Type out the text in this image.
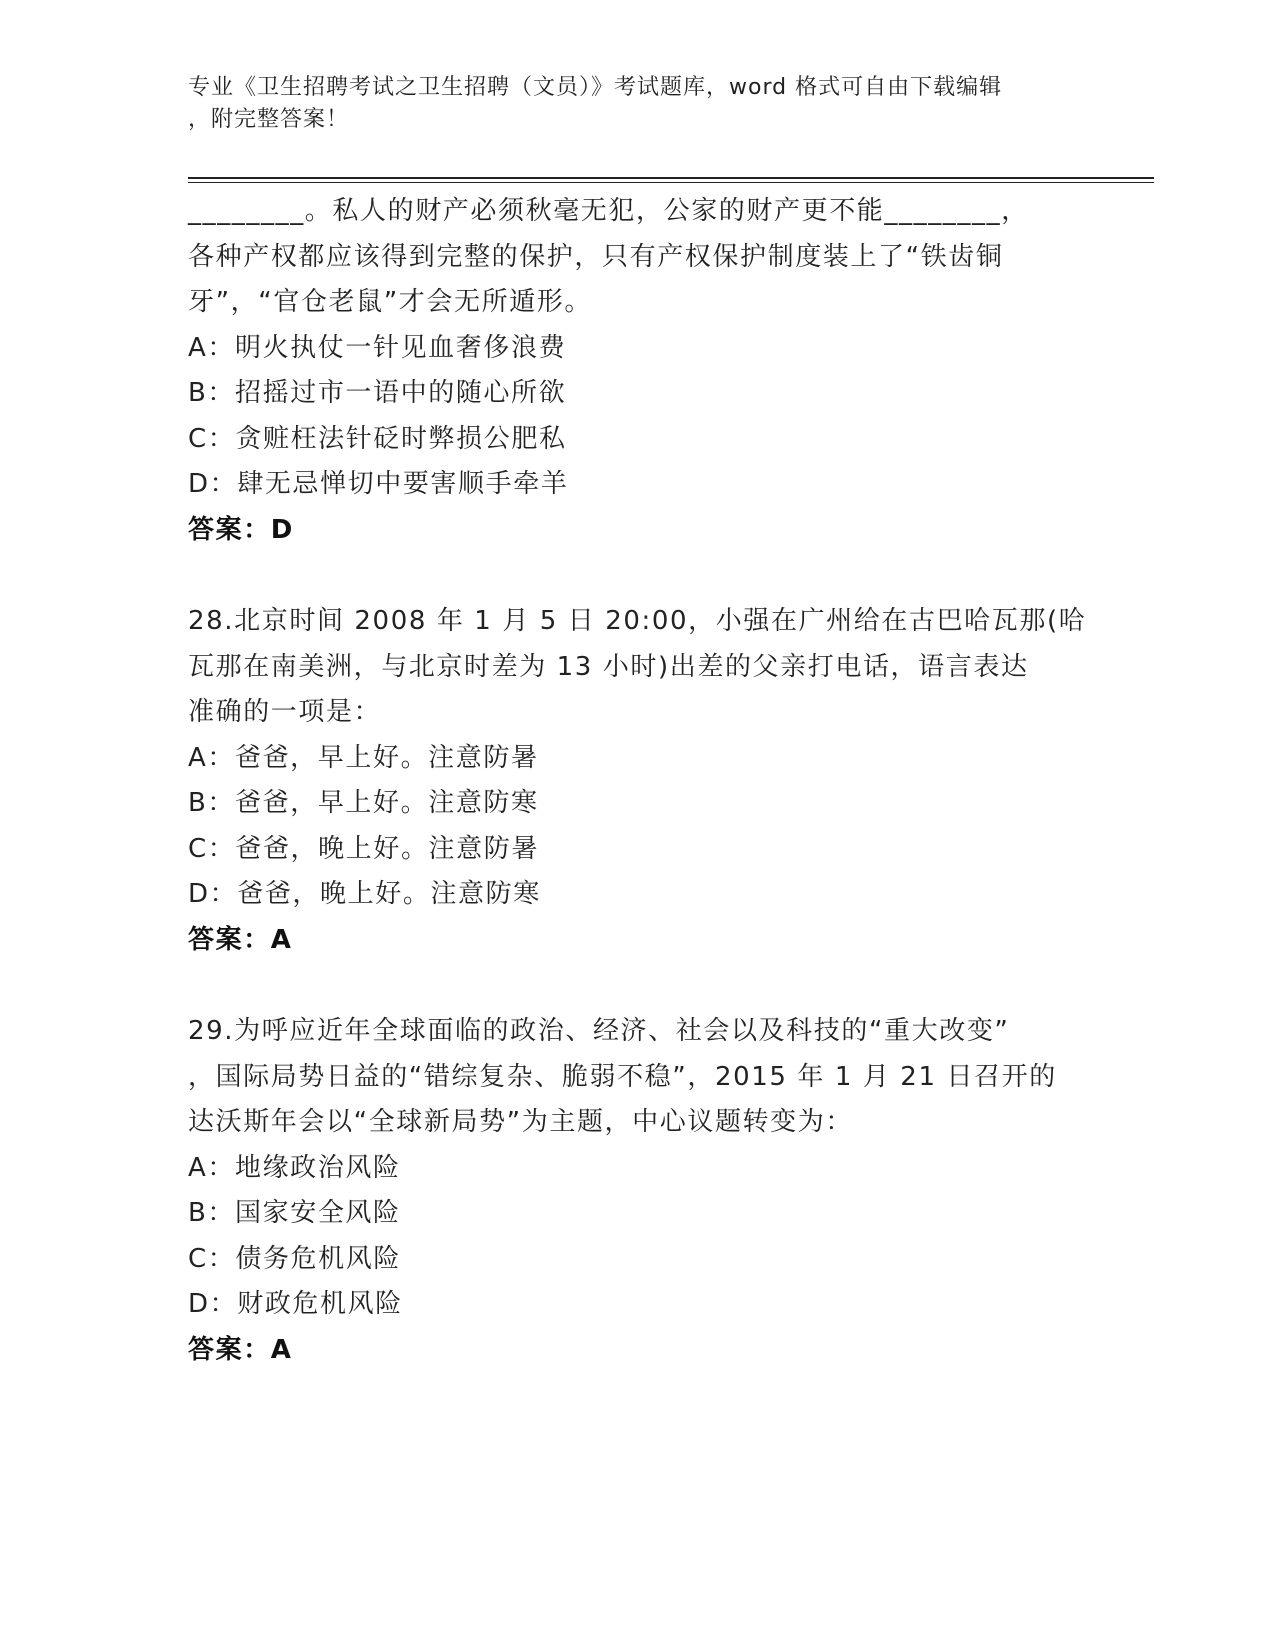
专业《卫生招聘考试之卫生招聘（文员）》考试题库，word 格式可自由下载编辑
，附完整答案！
________。私人的财产必须秋毫无犯，公家的财产更不能________，
各种产权都应该得到完整的保护，只有产权保护制度装上了“铁齿铜
牙”，“官仓老鼠”才会无所遁形。
A：明火执仗一针见血奢侈浪费
B：招摇过市一语中的随心所欲
C：贪赃枉法针砭时弊损公肥私
D：肆无忌惮切中要害顺手牵羊
答案：D
28.北京时间 2008 年 1 月 5 日 20:00，小强在广州给在古巴哈瓦那(哈
瓦那在南美洲，与北京时差为 13 小时)出差的父亲打电话，语言表达
准确的一项是：
A：爸爸，早上好。注意防暑
B：爸爸，早上好。注意防寒
C：爸爸，晚上好。注意防暑
D：爸爸，晚上好。注意防寒
答案：A
29.为呼应近年全球面临的政治、经济、社会以及科技的“重大改变”
，国际局势日益的“错综复杂、脆弱不稳”，2015 年 1 月 21 日召开的
达沃斯年会以“全球新局势”为主题，中心议题转变为：
A：地缘政治风险
B：国家安全风险
C：债务危机风险
D：财政危机风险
答案：A
